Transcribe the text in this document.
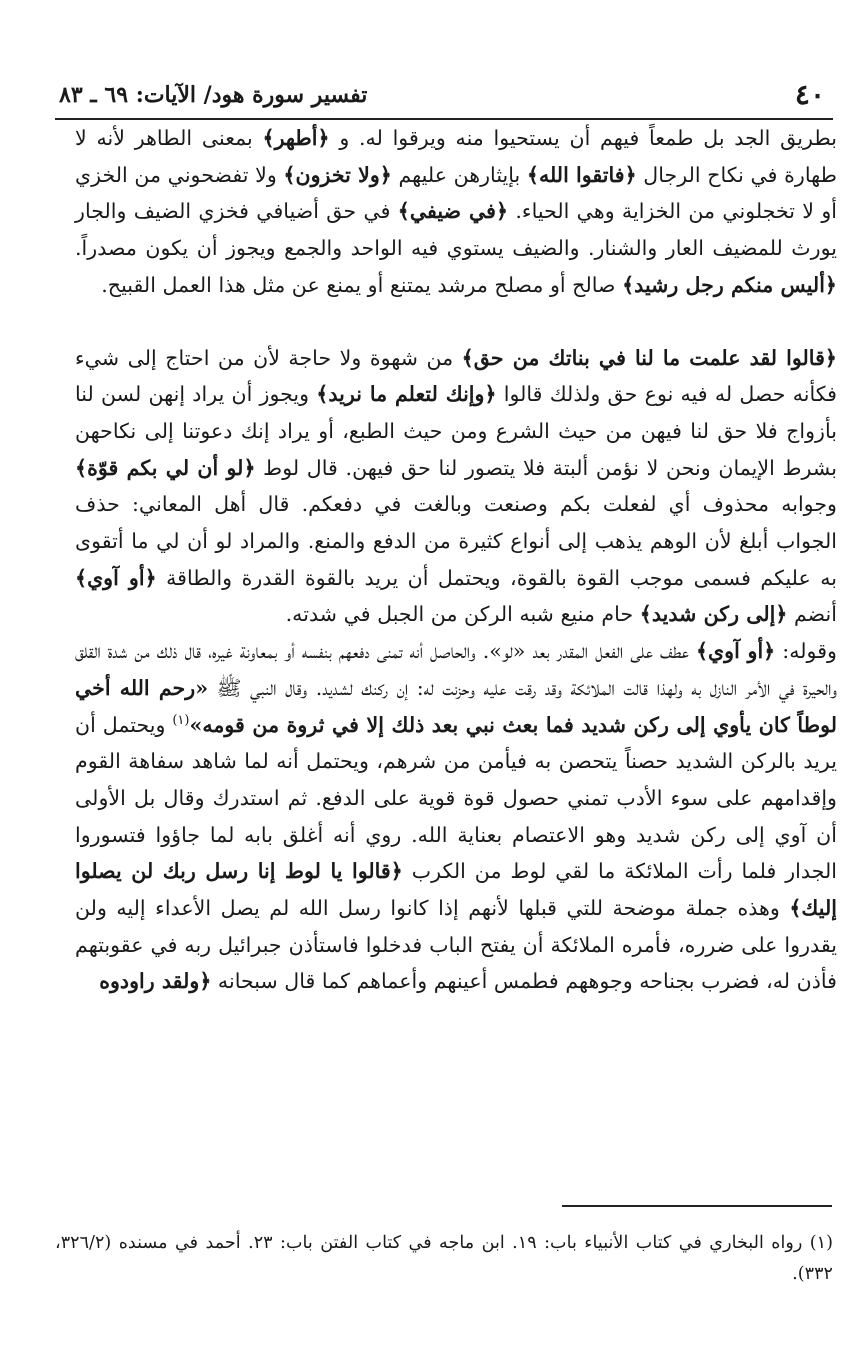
٤٠
تفسير سورة هود/ الآيات: ٦٩ ـ ٨٣

بطريق الجد بل طمعاً فيهم أن يستحيوا منه ويرقوا له. و ﴿أطهر﴾ بمعنى الطاهر لأنه لا طهارة في نكاح الرجال ﴿فاتقوا الله﴾ بإيثارهن عليهم ﴿ولا تخزون﴾ ولا تفضحوني من الخزي أو لا تخجلوني من الخزاية وهي الحياء. ﴿في ضيفي﴾ في حق أضيافي فخزي الضيف والجار يورث للمضيف العار والشنار. والضيف يستوي فيه الواحد والجمع ويجوز أن يكون مصدراً. ﴿أليس منكم رجل رشيد﴾ صالح أو مصلح مرشد يمتنع أو يمنع عن مثل هذا العمل القبيح.

﴿قالوا لقد علمت ما لنا في بناتك من حق﴾ من شهوة ولا حاجة لأن من احتاج إلى شيء فكأنه حصل له فيه نوع حق ولذلك قالوا ﴿وإنك لتعلم ما نريد﴾ ويجوز أن يراد إنهن لسن لنا بأزواج فلا حق لنا فيهن من حيث الشرع ومن حيث الطبع، أو يراد إنك دعوتنا إلى نكاحهن بشرط الإيمان ونحن لا نؤمن ألبتة فلا يتصور لنا حق فيهن. قال لوط ﴿لو أن لي بكم قوّة﴾ وجوابه محذوف أي لفعلت بكم وصنعت وبالغت في دفعكم. قال أهل المعاني: حذف الجواب أبلغ لأن الوهم يذهب إلى أنواع كثيرة من الدفع والمنع. والمراد لو أن لي ما أتقوى به عليكم فسمى موجب القوة بالقوة، ويحتمل أن يريد بالقوة القدرة والطاقة ﴿أو آوي﴾ أنضم ﴿إلى ركن شديد﴾ حام منيع شبه الركن من الجبل في شدته.

وقوله: ﴿أو آوي﴾ عطف على الفعل المقدر بعد «لو». والحاصل أنه تمنى دفعهم بنفسه أو بمعاونة غيره، قال ذلك من شدة القلق والحيرة في الأمر النازل به ولهذا قالت الملائكة وقد رقت عليه وحزنت له: إن ركنك لشديد. وقال النبي ﷺ «رحم الله أخي لوطاً كان يأوي إلى ركن شديد فما بعث نبي بعد ذلك إلا في ثروة من قومه»$^{(١)}$ ويحتمل أن يريد بالركن الشديد حصناً يتحصن به فيأمن من شرهم، ويحتمل أنه لما شاهد سفاهة القوم وإقدامهم على سوء الأدب تمني حصول قوة قوية على الدفع. ثم استدرك وقال بل الأولى أن آوي إلى ركن شديد وهو الاعتصام بعناية الله. روي أنه أغلق بابه لما جاؤوا فتسوروا الجدار فلما رأت الملائكة ما لقي لوط من الكرب ﴿قالوا يا لوط إنا رسل ربك لن يصلوا إليك﴾ وهذه جملة موضحة للتي قبلها لأنهم إذا كانوا رسل الله لم يصل الأعداء إليه ولن يقدروا على ضرره، فأمره الملائكة أن يفتح الباب فدخلوا فاستأذن جبرائيل ربه في عقوبتهم فأذن له، فضرب بجناحه وجوههم فطمس أعينهم وأعماهم كما قال سبحانه ﴿ولقد راودوه

(١) رواه البخاري في كتاب الأنبياء باب: ١٩. ابن ماجه في كتاب الفتن باب: ٢٣. أحمد في مسنده (٣٢٦/٢، ٣٣٢).
